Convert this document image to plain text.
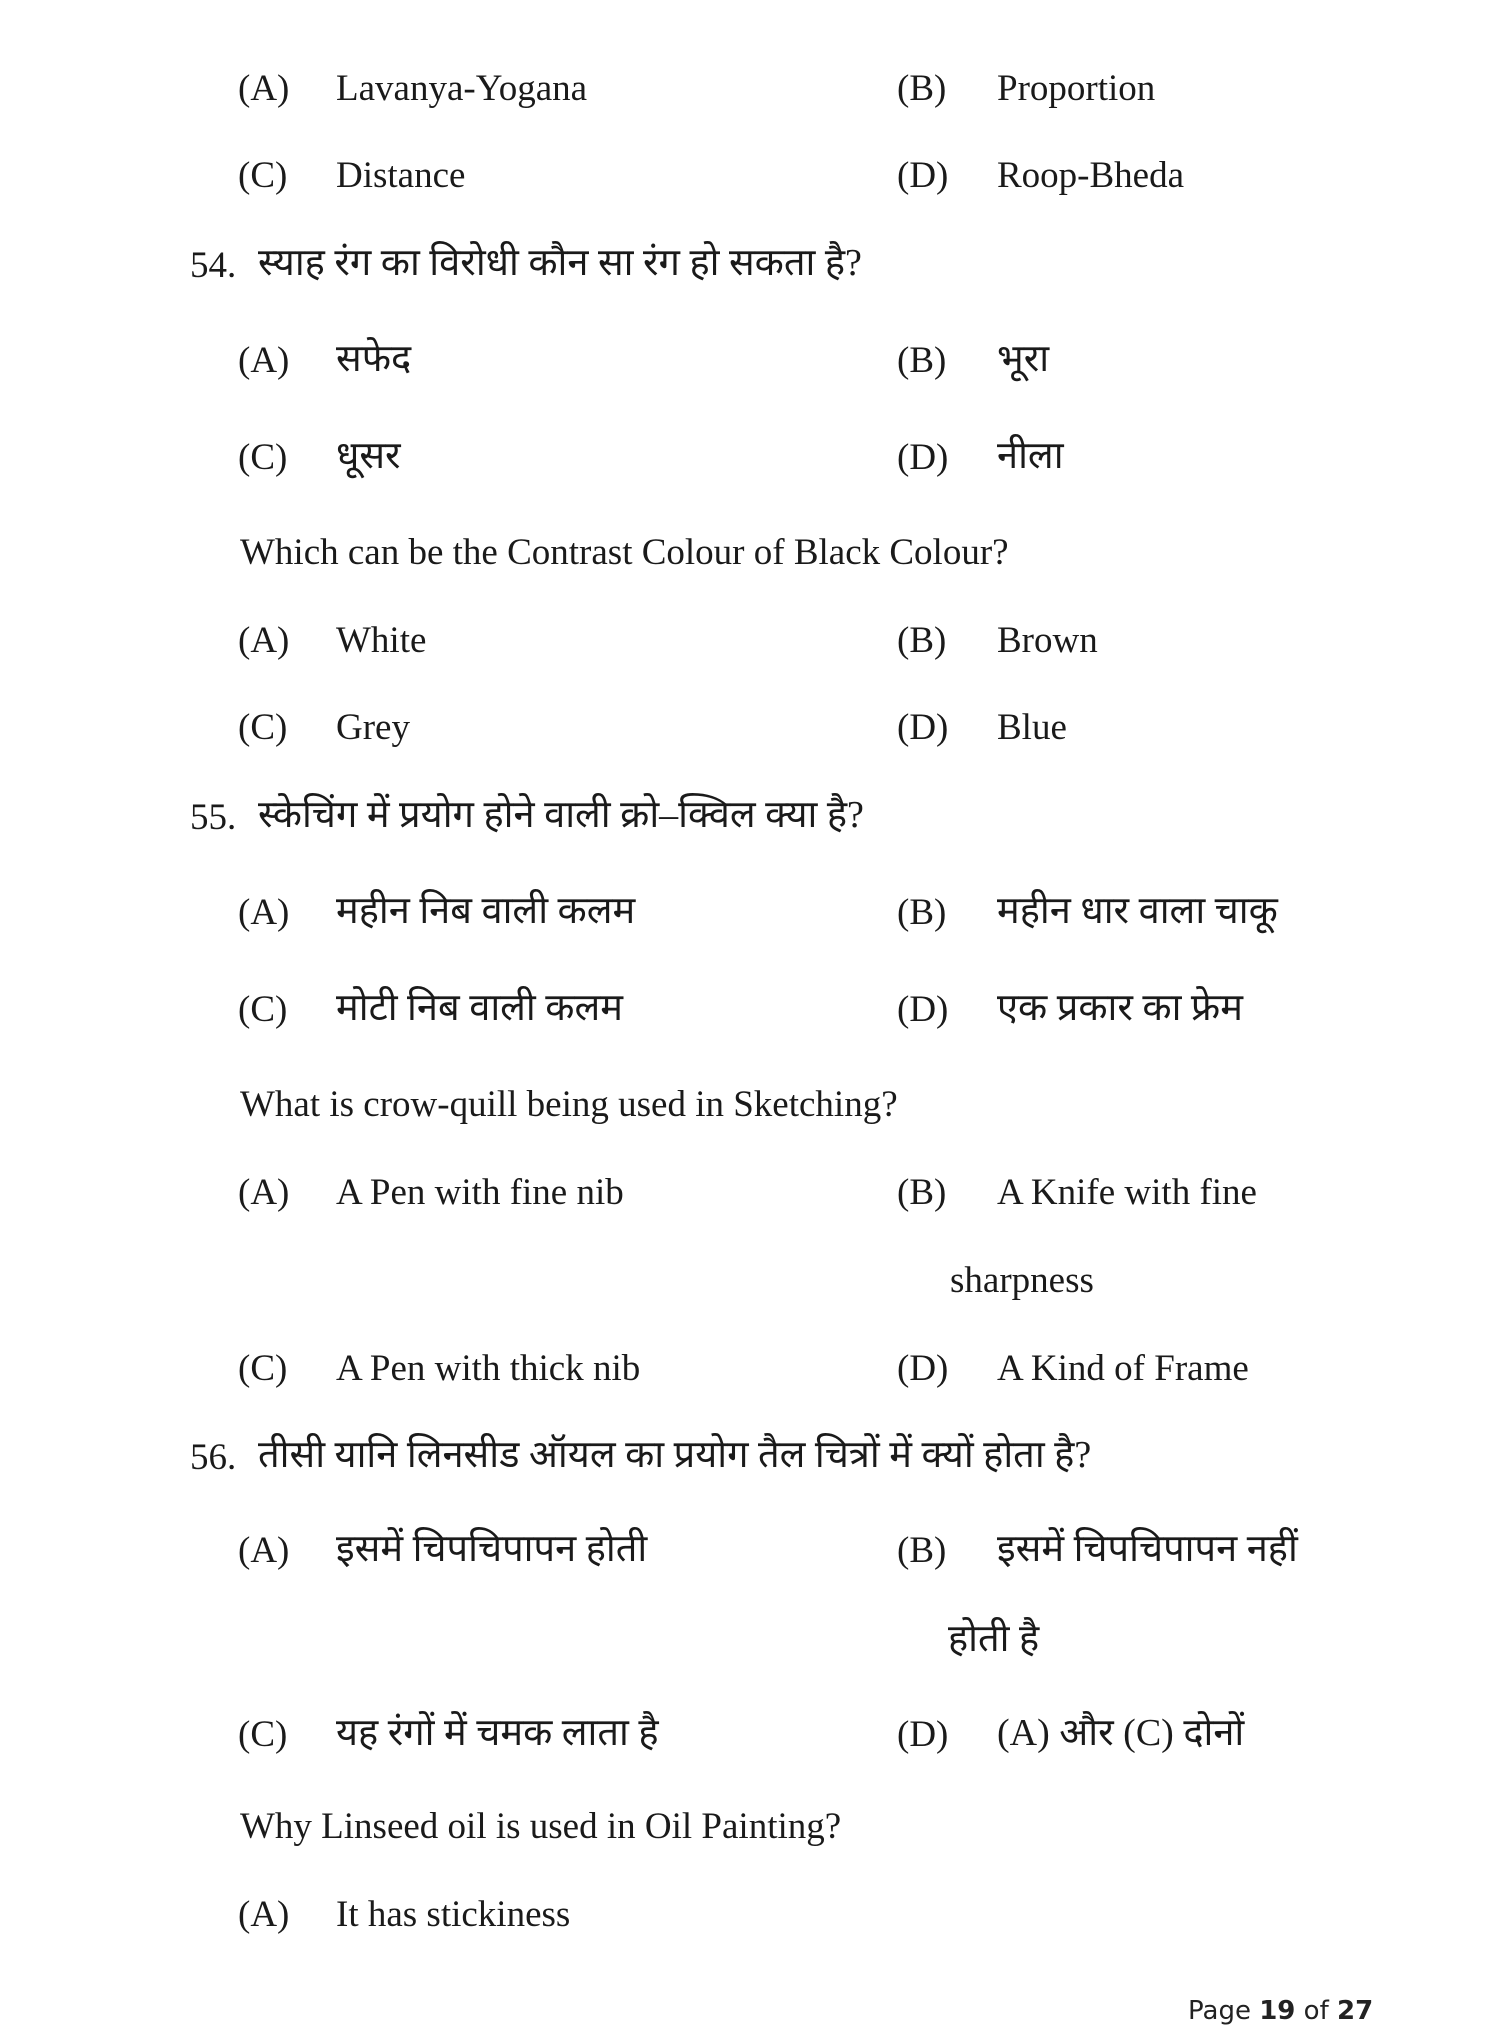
(A) Lavanya-Yogana	(B) Proportion
(C) Distance	(D) Roop-Bheda
54. स्याह रंग का विरोधी कौन सा रंग हो सकता है?
(A) सफेद	(B) भूरा
(C) धूसर	(D) नीला
Which can be the Contrast Colour of Black Colour?
(A) White	(B) Brown
(C) Grey	(D) Blue
55. स्केचिंग में प्रयोग होने वाली क्रो–क्विल क्या है?
(A) महीन निब वाली कलम	(B) महीन धार वाला चाकू
(C) मोटी निब वाली कलम	(D) एक प्रकार का फ्रेम
What is crow-quill being used in Sketching?
(A) A Pen with fine nib	(B) A Knife with fine
sharpness
(C) A Pen with thick nib	(D) A Kind of Frame
56. तीसी यानि लिनसीड ऑयल का प्रयोग तैल चित्रों में क्यों होता है?
(A) इसमें चिपचिपापन होती	(B) इसमें चिपचिपापन नहीं
होती है
(C) यह रंगों में चमक लाता है	(D) (A) और (C) दोनों
Why Linseed oil is used in Oil Painting?
(A) It has stickiness
Page 19 of 27
